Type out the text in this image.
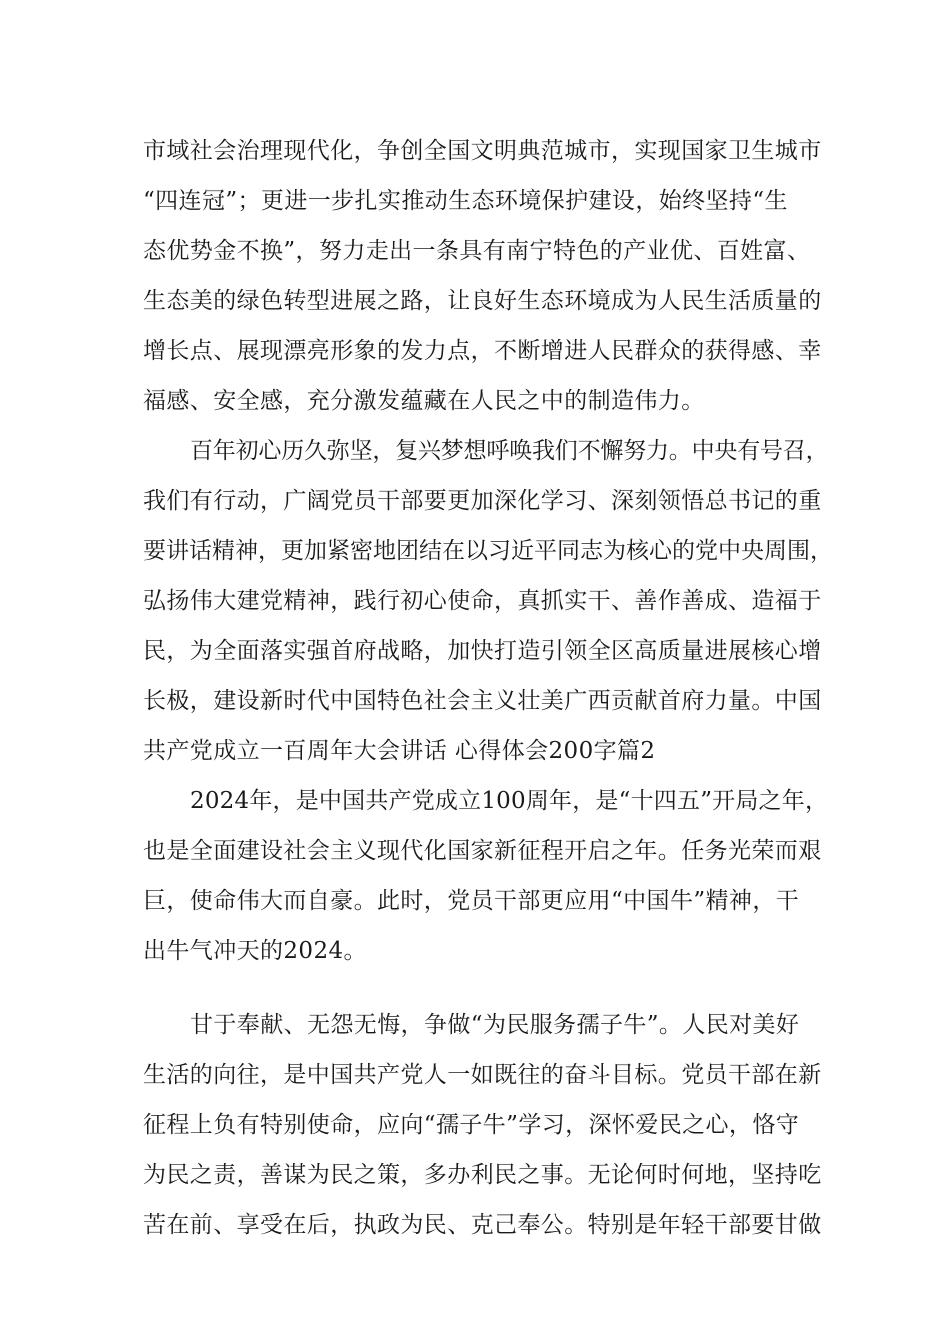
市域社会治理现代化，争创全国文明典范城市，实现国家卫生城市

“四连冠”；更进一步扎实推动生态环境保护建设，始终坚持“生

态优势金不换”，努力走出一条具有南宁特色的产业优、百姓富、

生态美的绿色转型进展之路，让良好生态环境成为人民生活质量的

增长点、展现漂亮形象的发力点，不断增进人民群众的获得感、幸

福感、安全感，充分激发蕴藏在人民之中的制造伟力。

百年初心历久弥坚，复兴梦想呼唤我们不懈努力。中央有号召，

我们有行动，广阔党员干部要更加深化学习、深刻领悟总书记的重

要讲话精神，更加紧密地团结在以习近平同志为核心的党中央周围，

弘扬伟大建党精神，践行初心使命，真抓实干、善作善成、造福于

民，为全面落实强首府战略，加快打造引领全区高质量进展核心增

长极，建设新时代中国特色社会主义壮美广西贡献首府力量。中国

共产党成立一百周年大会讲话 心得体会200字篇2

2024年，是中国共产党成立100周年，是“十四五”开局之年，

也是全面建设社会主义现代化国家新征程开启之年。任务光荣而艰

巨，使命伟大而自豪。此时，党员干部更应用“中国牛”精神，干

出牛气冲天的2024。

甘于奉献、无怨无悔，争做“为民服务孺子牛”。人民对美好

生活的向往，是中国共产党人一如既往的奋斗目标。党员干部在新

征程上负有特别使命，应向“孺子牛”学习，深怀爱民之心，恪守

为民之责，善谋为民之策，多办利民之事。无论何时何地，坚持吃

苦在前、享受在后，执政为民、克己奉公。特别是年轻干部要甘做
